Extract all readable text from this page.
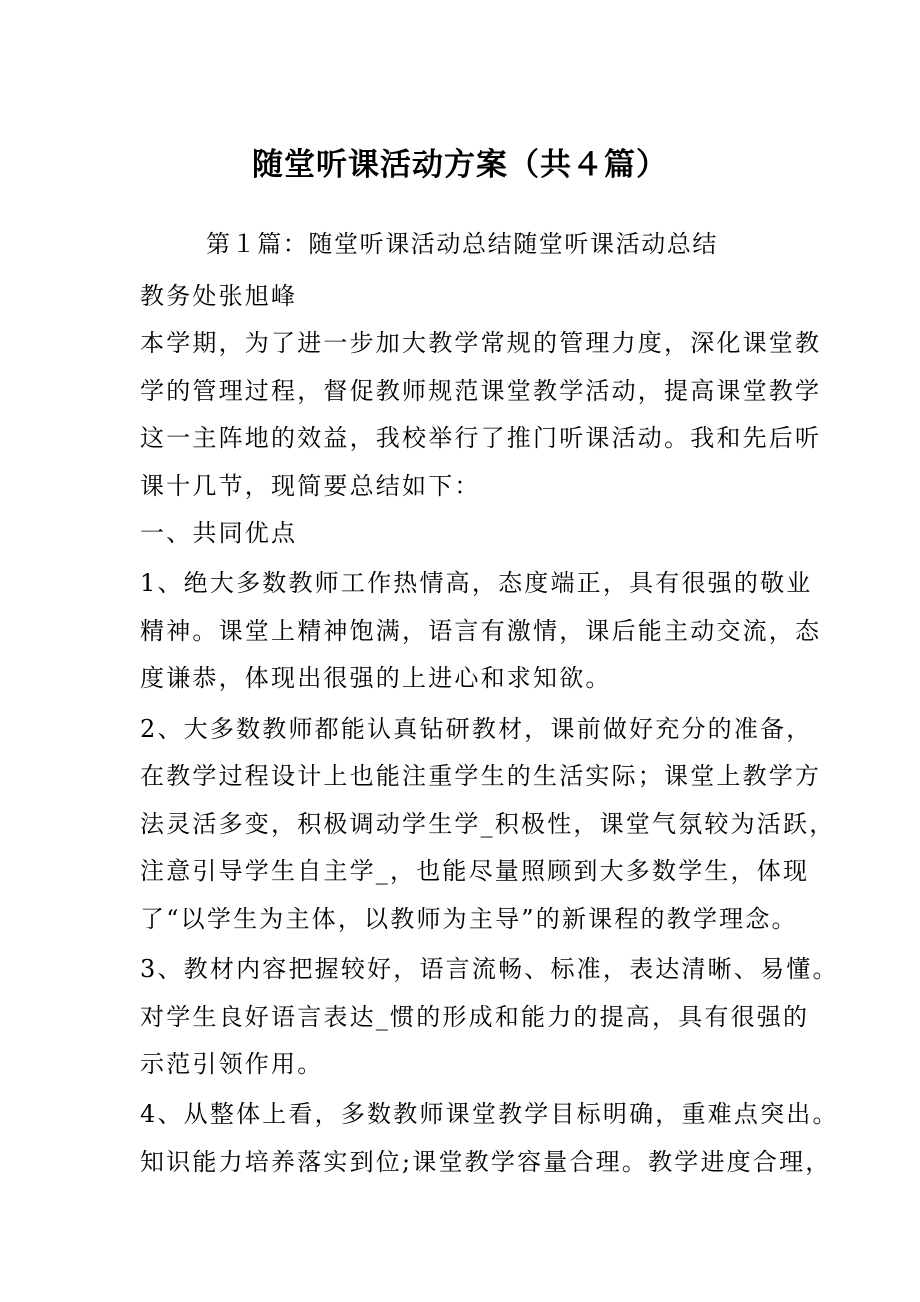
随堂听课活动方案（共４篇）
第１篇：随堂听课活动总结随堂听课活动总结
教务处张旭峰
本学期，为了进一步加大教学常规的管理力度，深化课堂教
学的管理过程，督促教师规范课堂教学活动，提高课堂教学
这一主阵地的效益，我校举行了推门听课活动。我和先后听
课十几节，现简要总结如下：
一、共同优点
1、绝大多数教师工作热情高，态度端正，具有很强的敬业
精神。课堂上精神饱满，语言有激情，课后能主动交流，态
度谦恭，体现出很强的上进心和求知欲。
2、大多数教师都能认真钻研教材，课前做好充分的准备，
在教学过程设计上也能注重学生的生活实际；课堂上教学方
法灵活多变，积极调动学生学_积极性，课堂气氛较为活跃，
注意引导学生自主学_，也能尽量照顾到大多数学生，体现
了“以学生为主体，以教师为主导”的新课程的教学理念。
3、教材内容把握较好，语言流畅、标准，表达清晰、易懂。
对学生良好语言表达_惯的形成和能力的提高，具有很强的
示范引领作用。
4、从整体上看，多数教师课堂教学目标明确，重难点突出。
知识能力培养落实到位;课堂教学容量合理。教学进度合理，
